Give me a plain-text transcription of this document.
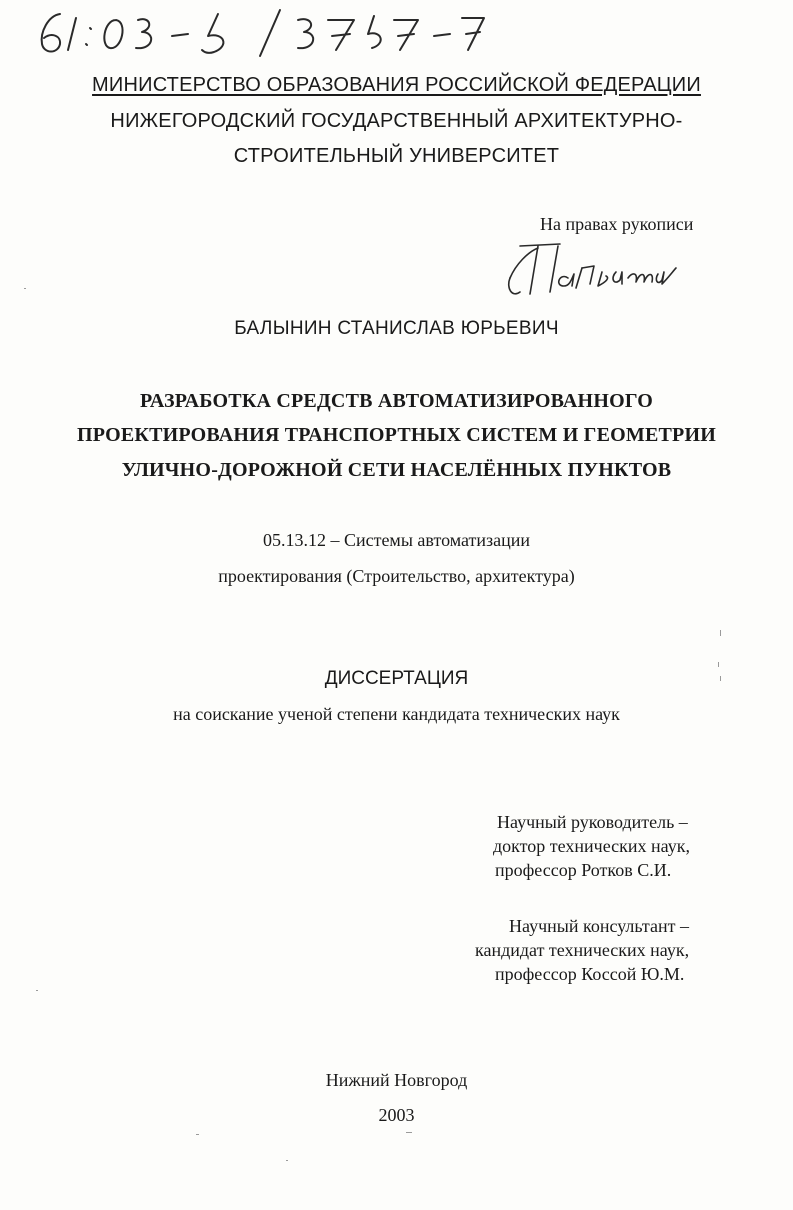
МИНИСТЕРСТВО ОБРАЗОВАНИЯ РОССИЙСКОЙ ФЕДЕРАЦИИ
НИЖЕГОРОДСКИЙ ГОСУДАРСТВЕННЫЙ АРХИТЕКТУРНО-
СТРОИТЕЛЬНЫЙ УНИВЕРСИТЕТ
На правах рукописи
БАЛЫНИН СТАНИСЛАВ ЮРЬЕВИЧ
РАЗРАБОТКА СРЕДСТВ АВТОМАТИЗИРОВАННОГО
ПРОЕКТИРОВАНИЯ ТРАНСПОРТНЫХ СИСТЕМ И ГЕОМЕТРИИ
УЛИЧНО-ДОРОЖНОЙ СЕТИ НАСЕЛЁННЫХ ПУНКТОВ
05.13.12 – Системы автоматизации
проектирования (Строительство, архитектура)
ДИССЕРТАЦИЯ
на соискание ученой степени кандидата технических наук
Научный руководитель –
доктор технических наук,
профессор Ротков С.И.
Научный консультант –
кандидат технических наук,
профессор Коссой Ю.М.
Нижний Новгород
2003
